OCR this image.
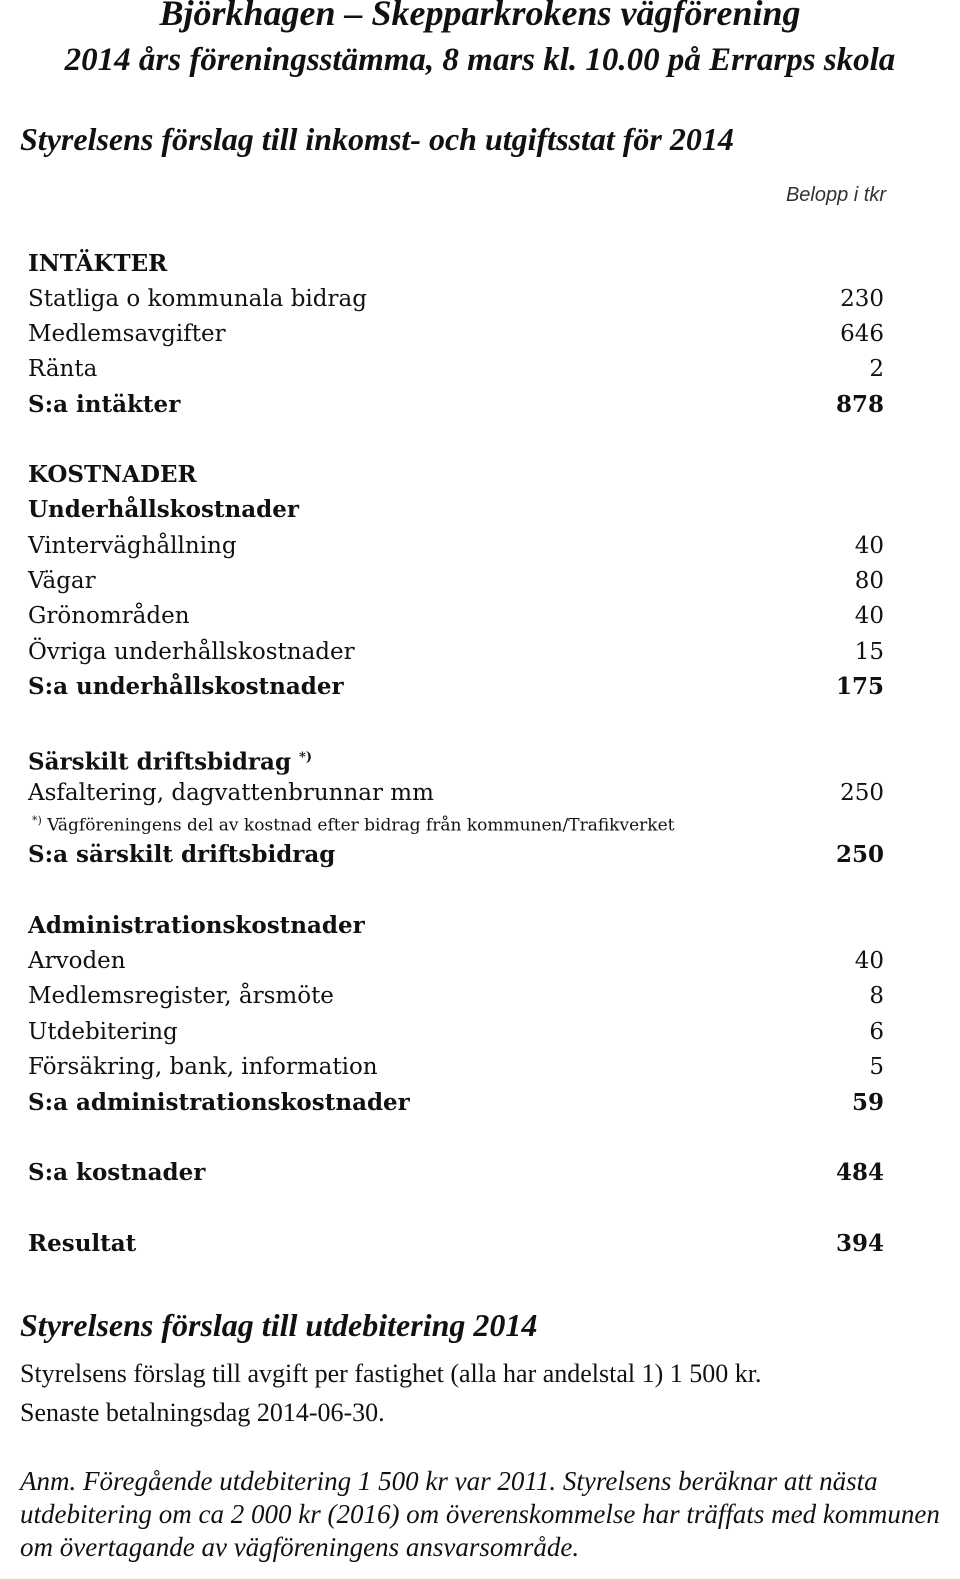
Björkhagen – Skepparkrokens vägförening
2014 års föreningsstämma, 8 mars kl. 10.00 på Errarps skola
Styrelsens förslag till inkomst- och utgiftsstat för 2014
Belopp i tkr
INTÄKTER
Statliga o kommunala bidrag	230
Medlemsavgifter	646
Ränta	2
S:a intäkter	878
KOSTNADER
Underhållskostnader
Vinterväghållning	40
Vägar	80
Grönområden	40
Övriga underhållskostnader	15
S:a underhållskostnader	175
Särskilt driftsbidrag *)
Asfaltering, dagvattenbrunnar mm	250
*) Vägföreningens del av kostnad efter bidrag från kommunen/Trafikverket
S:a särskilt driftsbidrag	250
Administrationskostnader
Arvoden	40
Medlemsregister, årsmöte	8
Utdebitering	6
Försäkring, bank, information	5
S:a administrationskostnader	59
S:a kostnader	484
Resultat	394
Styrelsens förslag till utdebitering 2014

Styrelsens förslag till avgift per fastighet (alla har andelstal 1) 1 500 kr.

Senaste betalningsdag 2014-06-30.

Anm. Föregående utdebitering 1 500 kr var 2011. Styrelsens beräknar att nästa utdebitering om ca 2 000 kr (2016) om överenskommelse har träffats med kommunen om övertagande av vägföreningens ansvarsområde.
